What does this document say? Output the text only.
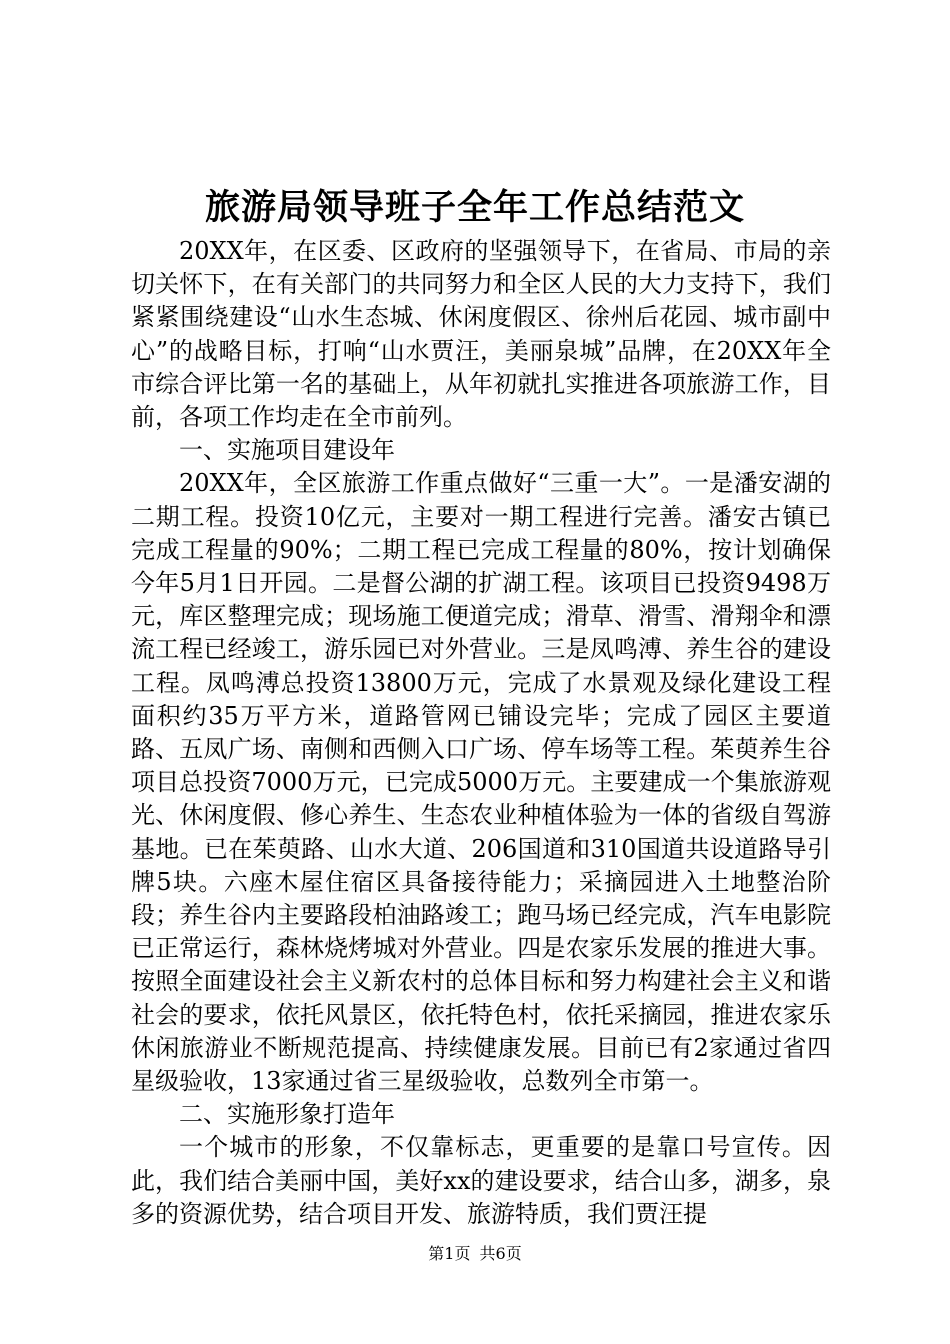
旅游局领导班子全年工作总结范文

20XX年，在区委、区政府的坚强领导下，在省局、市局的亲切关怀下，在有关部门的共同努力和全区人民的大力支持下，我们紧紧围绕建设“山水生态城、休闲度假区、徐州后花园、城市副中心”的战略目标，打响“山水贾汪，美丽泉城”品牌，在20XX年全市综合评比第一名的基础上，从年初就扎实推进各项旅游工作，目前，各项工作均走在全市前列。

一、实施项目建设年

20XX年，全区旅游工作重点做好“三重一大”。一是潘安湖的二期工程。投资10亿元，主要对一期工程进行完善。潘安古镇已完成工程量的90%；二期工程已完成工程量的80%，按计划确保今年5月1日开园。二是督公湖的扩湖工程。该项目已投资9498万元，库区整理完成；现场施工便道完成；滑草、滑雪、滑翔伞和漂流工程已经竣工，游乐园已对外营业。三是凤鸣溥、养生谷的建设工程。凤鸣溥总投资13800万元，完成了水景观及绿化建设工程面积约35万平方米，道路管网已铺设完毕；完成了园区主要道路、五凤广场、南侧和西侧入口广场、停车场等工程。茱萸养生谷项目总投资7000万元，已完成5000万元。主要建成一个集旅游观光、休闲度假、修心养生、生态农业种植体验为一体的省级自驾游基地。已在茱萸路、山水大道、206国道和310国道共设道路导引牌5块。六座木屋住宿区具备接待能力；采摘园进入土地整治阶段；养生谷内主要路段柏油路竣工；跑马场已经完成，汽车电影院已正常运行，森林烧烤城对外营业。四是农家乐发展的推进大事。按照全面建设社会主义新农村的总体目标和努力构建社会主义和谐社会的要求，依托风景区，依托特色村，依托采摘园，推进农家乐休闲旅游业不断规范提高、持续健康发展。目前已有2家通过省四星级验收，13家通过省三星级验收，总数列全市第一。

二、实施形象打造年

一个城市的形象，不仅靠标志，更重要的是靠口号宣传。因此，我们结合美丽中国，美好xx的建设要求，结合山多，湖多，泉多的资源优势，结合项目开发、旅游特质，我们贾汪提

第1页 共6页
